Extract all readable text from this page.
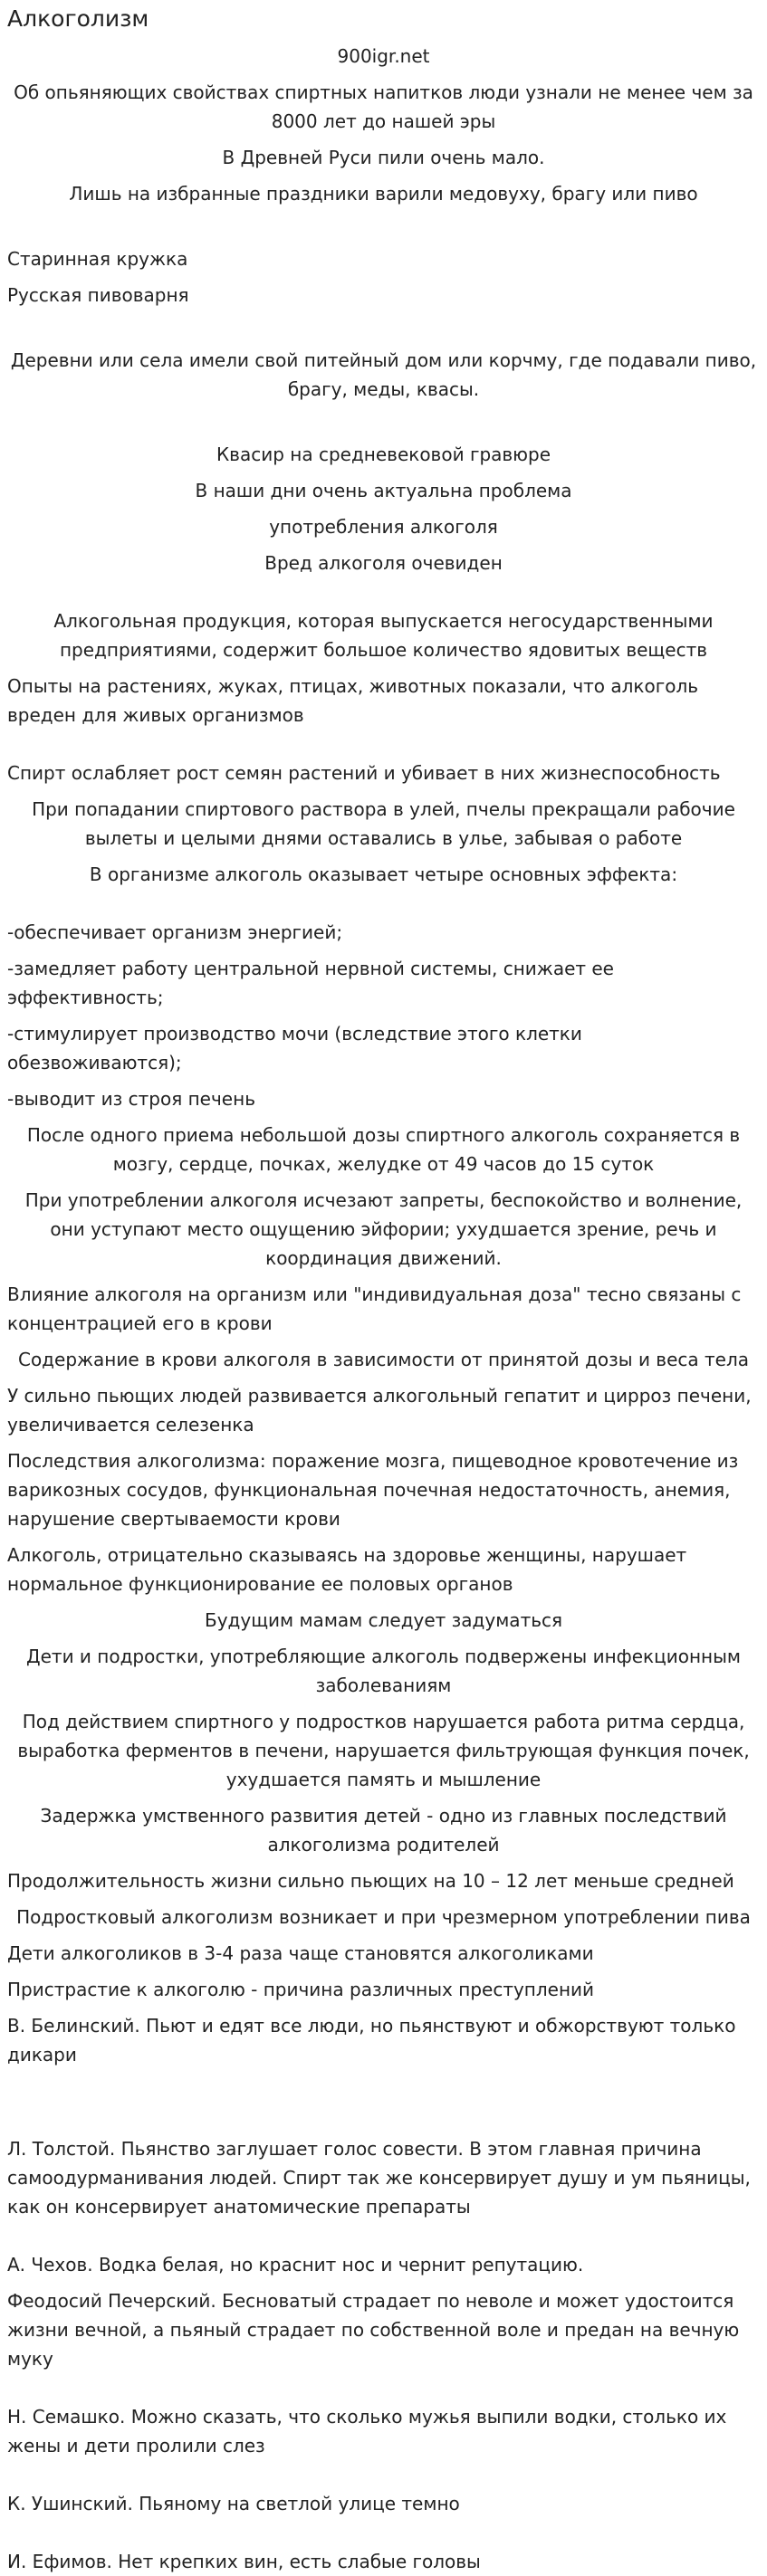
Алкоголизм

900igr.net

Об опьяняющих свойствах спиртных напитков люди узнали не менее чем за 8000 лет до нашей эры

В Древней Руси пили очень мало.

Лишь на избранные праздники варили медовуху, брагу или пиво

Старинная кружка

Русская пивоварня

Деревни или села имели свой питейный дом или корчму, где подавали пиво, брагу, меды, квасы.

Квасир на средневековой гравюре

В наши дни очень актуальна проблема

употребления алкоголя

Вред алкоголя очевиден

Алкогольная продукция, которая выпускается негосударственными предприятиями, содержит большое количество ядовитых веществ

Опыты на растениях, жуках, птицах, животных показали, что алкоголь вреден для живых организмов

Спирт ослабляет рост семян растений и убивает в них жизнеспособность

При попадании спиртового раствора в улей, пчелы прекращали рабочие вылеты и целыми днями оставались в улье, забывая о работе

В организме алкоголь оказывает четыре основных эффекта:

-обеспечивает организм энергией;

-замедляет работу центральной нервной системы, снижает ее эффективность;

-стимулирует производство мочи (вследствие этого клетки обезвоживаются);

-выводит из строя печень

После одного приема небольшой дозы спиртного алкоголь сохраняется в мозгу, сердце, почках, желудке от 49 часов до 15 суток

При употреблении алкоголя исчезают запреты, беспокойство и волнение, они уступают место ощущению эйфории; ухудшается зрение, речь и координация движений.

Влияние алкоголя на организм или "индивидуальная доза" тесно связаны с концентрацией его в крови

Содержание в крови алкоголя в зависимости от принятой дозы и веса тела

У сильно пьющих людей развивается алкогольный гепатит и цирроз печени, увеличивается селезенка

Последствия алкоголизма: поражение мозга, пищеводное кровотечение из варикозных сосудов, функциональная почечная недостаточность, анемия, нарушение свертываемости крови

Алкоголь, отрицательно сказываясь на здоровье женщины, нарушает нормальное функционирование ее половых органов

Будущим мамам следует задуматься

Дети и подростки, употребляющие алкоголь подвержены инфекционным заболеваниям

Под действием спиртного у подростков нарушается работа ритма сердца, выработка ферментов в печени, нарушается фильтрующая функция почек, ухудшается память и мышление

Задержка умственного развития детей - одно из главных последствий алкоголизма родителей

Продолжительность жизни сильно пьющих на 10 – 12 лет меньше средней

Подростковый алкоголизм возникает и при чрезмерном употреблении пива

Дети алкоголиков в 3-4 раза чаще становятся алкоголиками

Пристрастие к алкоголю - причина различных преступлений

В. Белинский. Пьют и едят все люди, но пьянствуют и обжорствуют только дикари

Л. Толстой. Пьянство заглушает голос совести. В этом главная причина самоодурманивания людей. Спирт так же консервирует душу и ум пьяницы, как он консервирует анатомические препараты

А. Чехов. Водка белая, но краснит нос и чернит репутацию.

Феодосий Печерский. Бесноватый страдает по неволе и может удостоится жизни вечной, а пьяный страдает по собственной воле и предан на вечную муку

Н. Семашко. Можно сказать, что сколько мужья выпили водки, столько их жены и дети пролили слез

К. Ушинский. Пьяному на светлой улице темно

И. Ефимов. Нет крепких вин, есть слабые головы
